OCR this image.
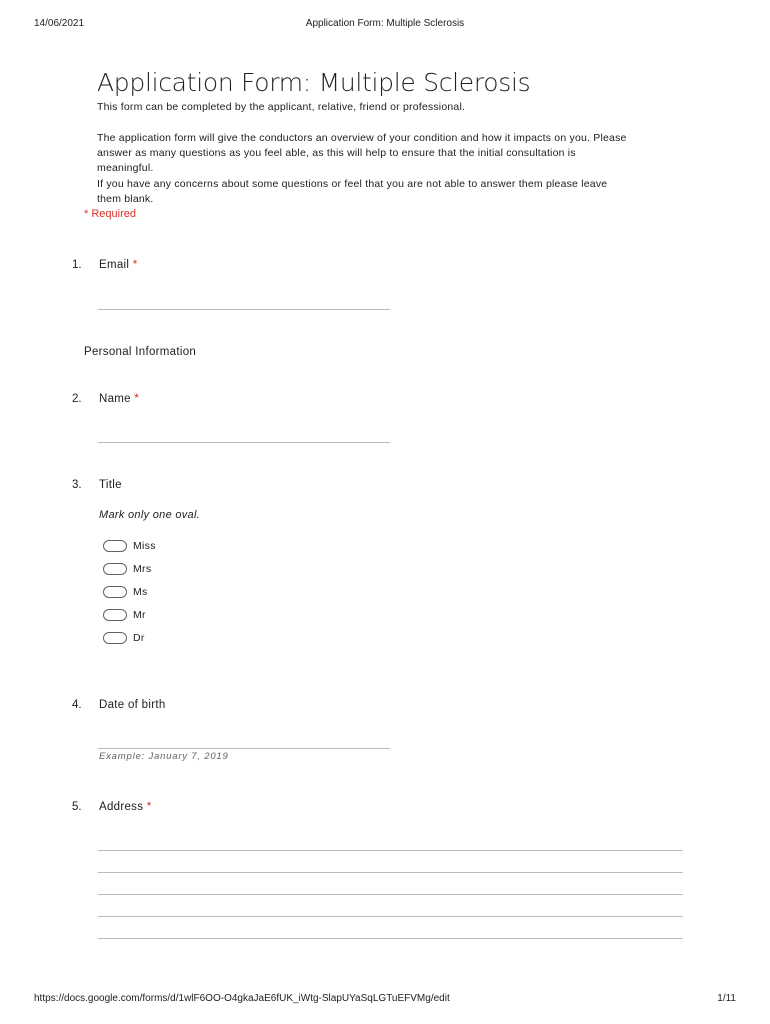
14/06/2021	Application Form: Multiple Sclerosis
https://docs.google.com/forms/d/1wlF6OO-O4gkaJaE6fUK_iWtg-SlapUYaSqLGTuEFVMg/edit	1/11
Application Form: Multiple Sclerosis
This form can be completed by the applicant, relative, friend or professional.
The application form will give the conductors an overview of your condition and how it impacts on you. Please
answer as many questions as you feel able, as this will help to ensure that the initial consultation is
meaningful.
If you have any concerns about some questions or feel that you are not able to answer them please leave
them blank.
* Required
1. Email *
Personal Information
2. Name *
3. Title
Mark only one oval.
Miss
Mrs
Ms
Mr
Dr
4. Date of birth
Example: January 7, 2019
5. Address *
